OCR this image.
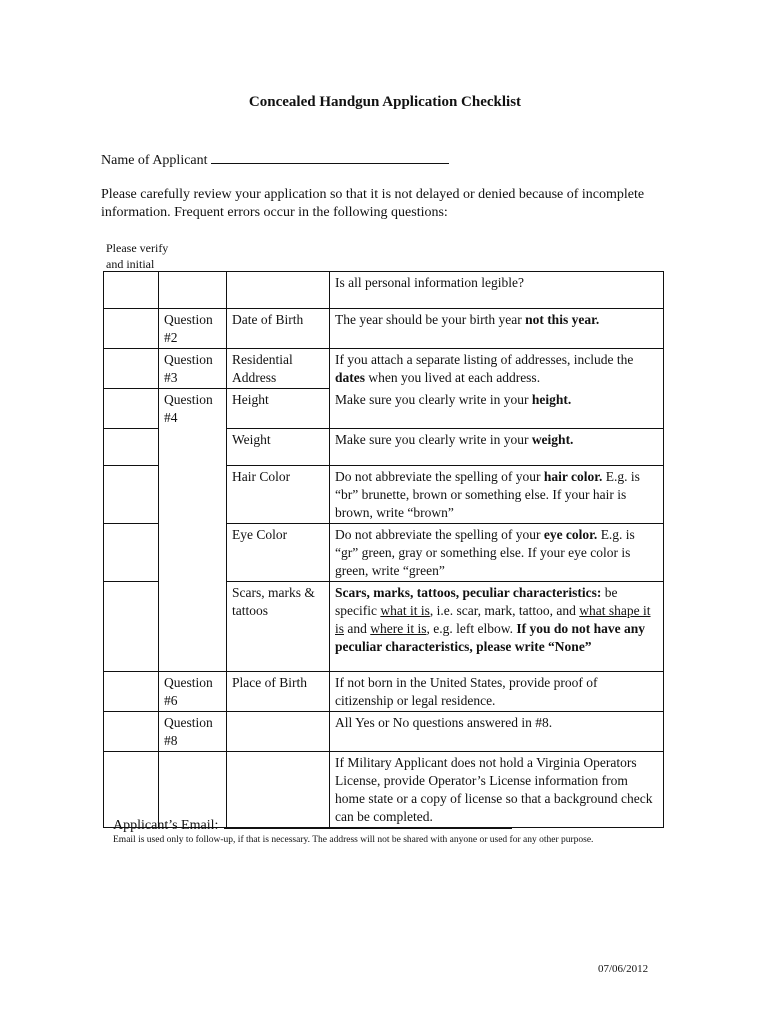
Concealed Handgun Application Checklist
Name of Applicant
Please carefully review your application so that it is not delayed or denied because of incomplete information. Frequent errors occur in the following questions:
Please verify
and initial
			Is all personal information legible?
	Question #2	Date of Birth	The year should be your birth year not this year.
	Question #3	Residential Address	If you attach a separate listing of addresses, include the dates when you lived at each address.
	Question #4	Height	Make sure you clearly write in your height.
		Weight	Make sure you clearly write in your weight.
		Hair Color	Do not abbreviate the spelling of your hair color. E.g. is “br” brunette, brown or something else. If your hair is brown, write “brown”
		Eye Color	Do not abbreviate the spelling of your eye color. E.g. is “gr” green, gray or something else. If your eye color is green, write “green”
		Scars, marks & tattoos	Scars, marks, tattoos, peculiar characteristics: be specific what it is, i.e. scar, mark, tattoo, and what shape it is and where it is, e.g. left elbow. If you do not have any peculiar characteristics, please write “None”
	Question #6	Place of Birth	If not born in the United States, provide proof of citizenship or legal residence.
	Question #8		All Yes or No questions answered in #8.
			If Military Applicant does not hold a Virginia Operators License, provide Operator’s License information from home state or a copy of license so that a background check can be completed.
Applicant’s Email:
Email is used only to follow-up, if that is necessary. The address will not be shared with anyone or used for any other purpose.
07/06/2012
